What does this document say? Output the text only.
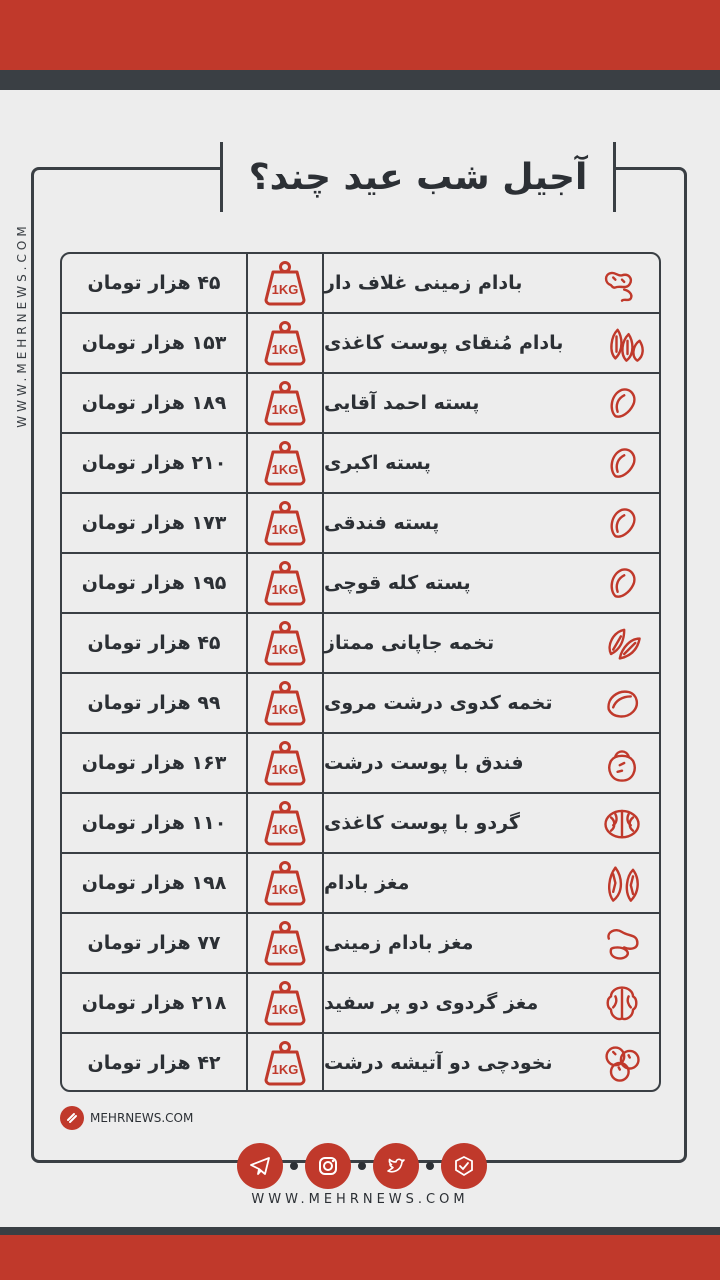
WWW.MEHRNEWS.COM
آجیل شب عید چند؟
۴۵ هزار تومان	1KG بادام زمینی غلاف دار
۱۵۳ هزار تومان	1KG بادام مُنقای پوست کاغذی
۱۸۹ هزار تومان	1KG پسته احمد آقایی
۲۱۰ هزار تومان	1KG پسته اکبری
۱۷۳ هزار تومان	1KG پسته فندقی
۱۹۵ هزار تومان	1KG پسته کله قوچی
۴۵ هزار تومان	1KG تخمه جاپانی ممتاز
۹۹ هزار تومان	1KG تخمه کدوی درشت مروی
۱۶۳ هزار تومان	1KG فندق با پوست درشت
۱۱۰ هزار تومان	1KG گردو با پوست کاغذی
۱۹۸ هزار تومان	1KG مغز بادام
۷۷ هزار تومان	1KG مغز بادام زمینی
۲۱۸ هزار تومان	1KG مغز گردوی دو پر سفید
۴۲ هزار تومان	1KG نخودچی دو آتیشه درشت
MEHRNEWS.COM
WWW.MEHRNEWS.COM
